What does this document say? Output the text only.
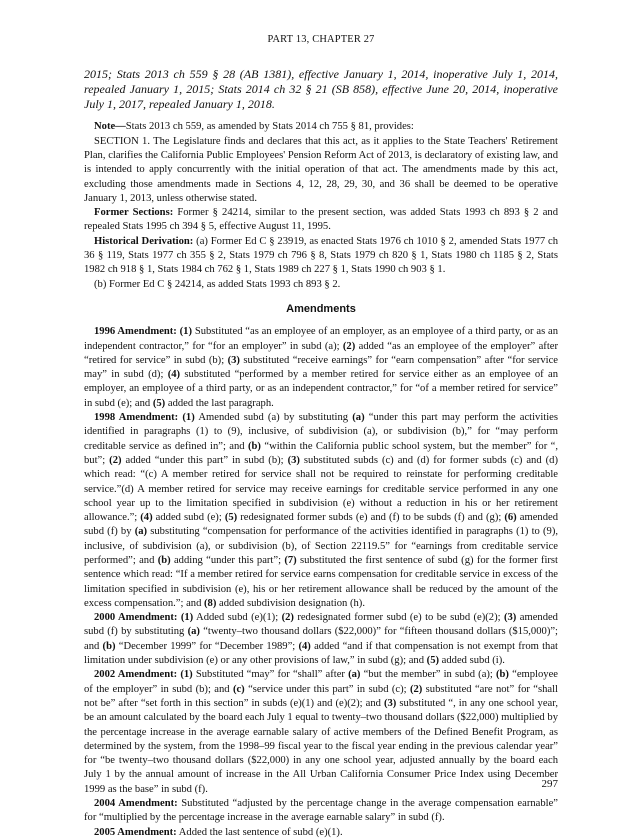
PART 13, CHAPTER 27

2015; Stats 2013 ch 559 § 28 (AB 1381), effective January 1, 2014, inoperative July 1, 2014, repealed January 1, 2015; Stats 2014 ch 32 § 21 (SB 858), effective June 20, 2014, inoperative July 1, 2017, repealed January 1, 2018.

Note—Stats 2013 ch 559, as amended by Stats 2014 ch 755 § 81, provides:

SECTION 1. The Legislature finds and declares that this act, as it applies to the State Teachers' Retirement Plan, clarifies the California Public Employees' Pension Reform Act of 2013, is declaratory of existing law, and is intended to apply concurrently with the initial operation of that act. The amendments made by this act, excluding those amendments made in Sections 4, 12, 28, 29, 30, and 36 shall be deemed to be operative January 1, 2013, unless otherwise stated.

Former Sections: Former § 24214, similar to the present section, was added Stats 1993 ch 893 § 2 and repealed Stats 1995 ch 394 § 5, effective August 11, 1995.

Historical Derivation: (a) Former Ed C § 23919, as enacted Stats 1976 ch 1010 § 2, amended Stats 1977 ch 36 § 119, Stats 1977 ch 355 § 2, Stats 1979 ch 796 § 8, Stats 1979 ch 820 § 1, Stats 1980 ch 1185 § 2, Stats 1982 ch 918 § 1, Stats 1984 ch 762 § 1, Stats 1989 ch 227 § 1, Stats 1990 ch 903 § 1.

(b) Former Ed C § 24214, as added Stats 1993 ch 893 § 2.

Amendments

1996 Amendment: (1) Substituted “as an employee of an employer, as an employee of a third party, or as an independent contractor,” for “for an employer” in subd (a); (2) added “as an employee of the employer” after “retired for service” in subd (b); (3) substituted “receive earnings” for “earn compensation” after “for service may” in subd (d); (4) substituted “performed by a member retired for service either as an employee of an employer, an employee of a third party, or as an independent contractor,” for “of a member retired for service” in subd (e); and (5) added the last paragraph.

1998 Amendment: (1) Amended subd (a) by substituting (a) “under this part may perform the activities identified in paragraphs (1) to (9), inclusive, of subdivision (a), or subdivision (b),” for “may perform creditable service as defined in”; and (b) “within the California public school system, but the member” for “, but”; (2) added “under this part” in subd (b); (3) substituted subds (c) and (d) for former subds (c) and (d) which read: “(c) A member retired for service shall not be required to reinstate for performing creditable service.”(d) A member retired for service may receive earnings for creditable service performed in any one school year up to the limitation specified in subdivision (e) without a reduction in his or her retirement allowance.”; (4) added subd (e); (5) redesignated former subds (e) and (f) to be subds (f) and (g); (6) amended subd (f) by (a) substituting “compensation for performance of the activities identified in paragraphs (1) to (9), inclusive, of subdivision (a), or subdivision (b), of Section 22119.5” for “earnings from creditable service performed”; and (b) adding “under this part”; (7) substituted the first sentence of subd (g) for the former first sentence which read: “If a member retired for service earns compensation for creditable service in excess of the limitation specified in subdivision (e), his or her retirement allowance shall be reduced by the amount of the excess compensation.”; and (8) added subdivision designation (h).

2000 Amendment: (1) Added subd (e)(1); (2) redesignated former subd (e) to be subd (e)(2); (3) amended subd (f) by substituting (a) “twenty–two thousand dollars ($22,000)” for “fifteen thousand dollars ($15,000)”; and (b) “December 1999” for “December 1989”; (4) added “and if that compensation is not exempt from that limitation under subdivision (e) or any other provisions of law,” in subd (g); and (5) added subd (i).

2002 Amendment: (1) Substituted “may” for “shall” after (a) “but the member” in subd (a); (b) “employee of the employer” in subd (b); and (c) “service under this part” in subd (c); (2) substituted “are not” for “shall not be” after “set forth in this section” in subds (e)(1) and (e)(2); and (3) substituted “, in any one school year, be an amount calculated by the board each July 1 equal to twenty–two thousand dollars ($22,000) multiplied by the percentage increase in the average earnable salary of active members of the Defined Benefit Program, as determined by the system, from the 1998–99 fiscal year to the fiscal year ending in the previous calendar year” for “be twenty–two thousand dollars ($22,000) in any one school year, adjusted annually by the board each July 1 by the annual amount of increase in the All Urban California Consumer Price Index using December 1999 as the base” in subd (f).

2004 Amendment: Substituted “adjusted by the percentage change in the average compensation earnable” for “multiplied by the percentage increase in the average earnable salary” in subd (f).

2005 Amendment: Added the last sentence of subd (e)(1).

297
